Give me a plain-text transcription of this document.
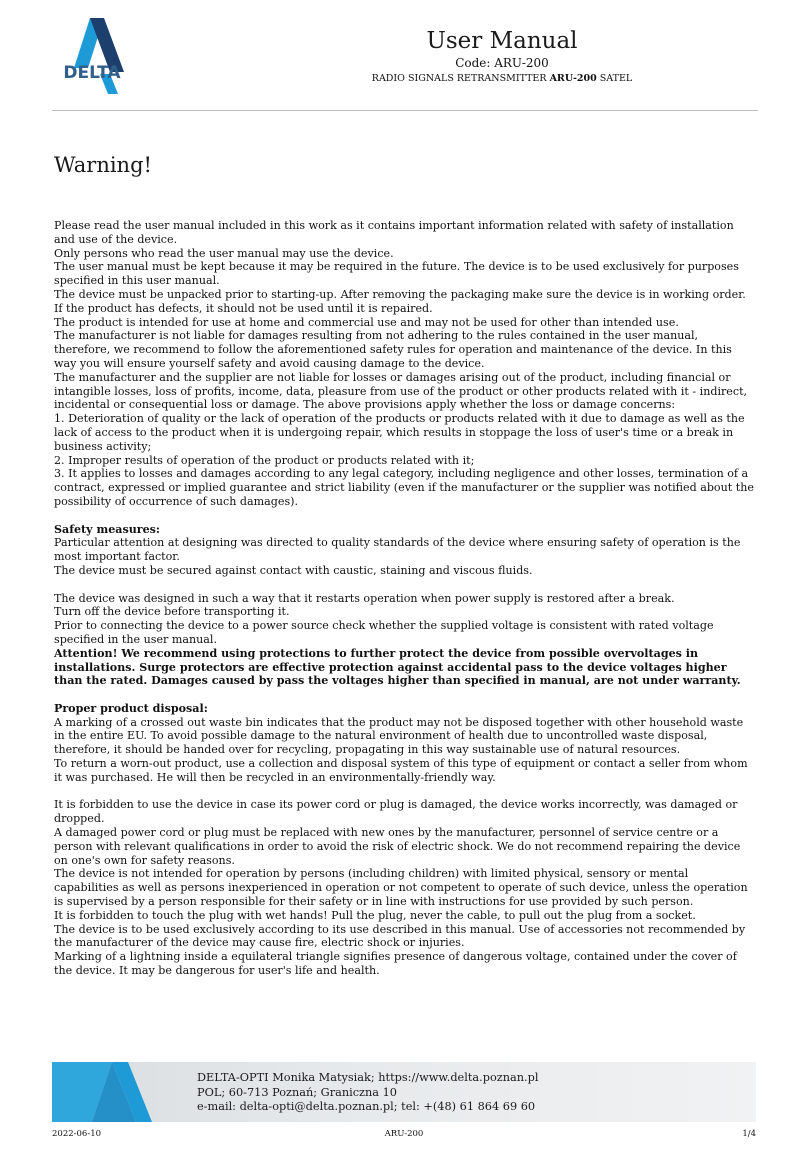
DELTA
User Manual
Code: ARU-200
RADIO SIGNALS RETRANSMITTER ARU-200 SATEL
Warning!

Please read the user manual included in this work as it contains important information related with safety of installation and use of the device.

Only persons who read the user manual may use the device.

The user manual must be kept because it may be required in the future. The device is to be used exclusively for purposes specified in this user manual.

The device must be unpacked prior to starting-up. After removing the packaging make sure the device is in working order.

If the product has defects, it should not be used until it is repaired.

The product is intended for use at home and commercial use and may not be used for other than intended use.

The manufacturer is not liable for damages resulting from not adhering to the rules contained in the user manual, therefore, we recommend to follow the aforementioned safety rules for operation and maintenance of the device. In this way you will ensure yourself safety and avoid causing damage to the device.

The manufacturer and the supplier are not liable for losses or damages arising out of the product, including financial or intangible losses, loss of profits, income, data, pleasure from use of the product or other products related with it - indirect, incidental or consequential loss or damage. The above provisions apply whether the loss or damage concerns:

1. Deterioration of quality or the lack of operation of the products or products related with it due to damage as well as the lack of access to the product when it is undergoing repair, which results in stoppage the loss of user's time or a break in business activity;

2. Improper results of operation of the product or products related with it;

3. It applies to losses and damages according to any legal category, including negligence and other losses, termination of a contract, expressed or implied guarantee and strict liability (even if the manufacturer or the supplier was notified about the possibility of occurrence of such damages).

Safety measures:

Particular attention at designing was directed to quality standards of the device where ensuring safety of operation is the most important factor.

The device must be secured against contact with caustic, staining and viscous fluids.

The device was designed in such a way that it restarts operation when power supply is restored after a break.

Turn off the device before transporting it.

Prior to connecting the device to a power source check whether the supplied voltage is consistent with rated voltage specified in the user manual.

Attention! We recommend using protections to further protect the device from possible overvoltages in installations. Surge protectors are effective protection against accidental pass to the device voltages higher than the rated. Damages caused by pass the voltages higher than specified in manual, are not under warranty.

Proper product disposal:

A marking of a crossed out waste bin indicates that the product may not be disposed together with other household waste in the entire EU. To avoid possible damage to the natural environment of health due to uncontrolled waste disposal, therefore, it should be handed over for recycling, propagating in this way sustainable use of natural resources.

To return a worn-out product, use a collection and disposal system of this type of equipment or contact a seller from whom it was purchased. He will then be recycled in an environmentally-friendly way.

It is forbidden to use the device in case its power cord or plug is damaged, the device works incorrectly, was damaged or dropped.

A damaged power cord or plug must be replaced with new ones by the manufacturer, personnel of service centre or a person with relevant qualifications in order to avoid the risk of electric shock. We do not recommend repairing the device on one's own for safety reasons.

The device is not intended for operation by persons (including children) with limited physical, sensory or mental capabilities as well as persons inexperienced in operation or not competent to operate of such device, unless the operation is supervised by a person responsible for their safety or in line with instructions for use provided by such person.

It is forbidden to touch the plug with wet hands! Pull the plug, never the cable, to pull out the plug from a socket.

The device is to be used exclusively according to its use described in this manual. Use of accessories not recommended by the manufacturer of the device may cause fire, electric shock or injuries.

Marking of a lightning inside a equilateral triangle signifies presence of dangerous voltage, contained under the cover of the device. It may be dangerous for user's life and health.

DELTA-OPTI Monika Matysiak; https://www.delta.poznan.pl
POL; 60-713 Poznań; Graniczna 10
e-mail: delta-opti@delta.poznan.pl; tel: +(48) 61 864 69 60
2022-06-10	ARU-200	1/4
